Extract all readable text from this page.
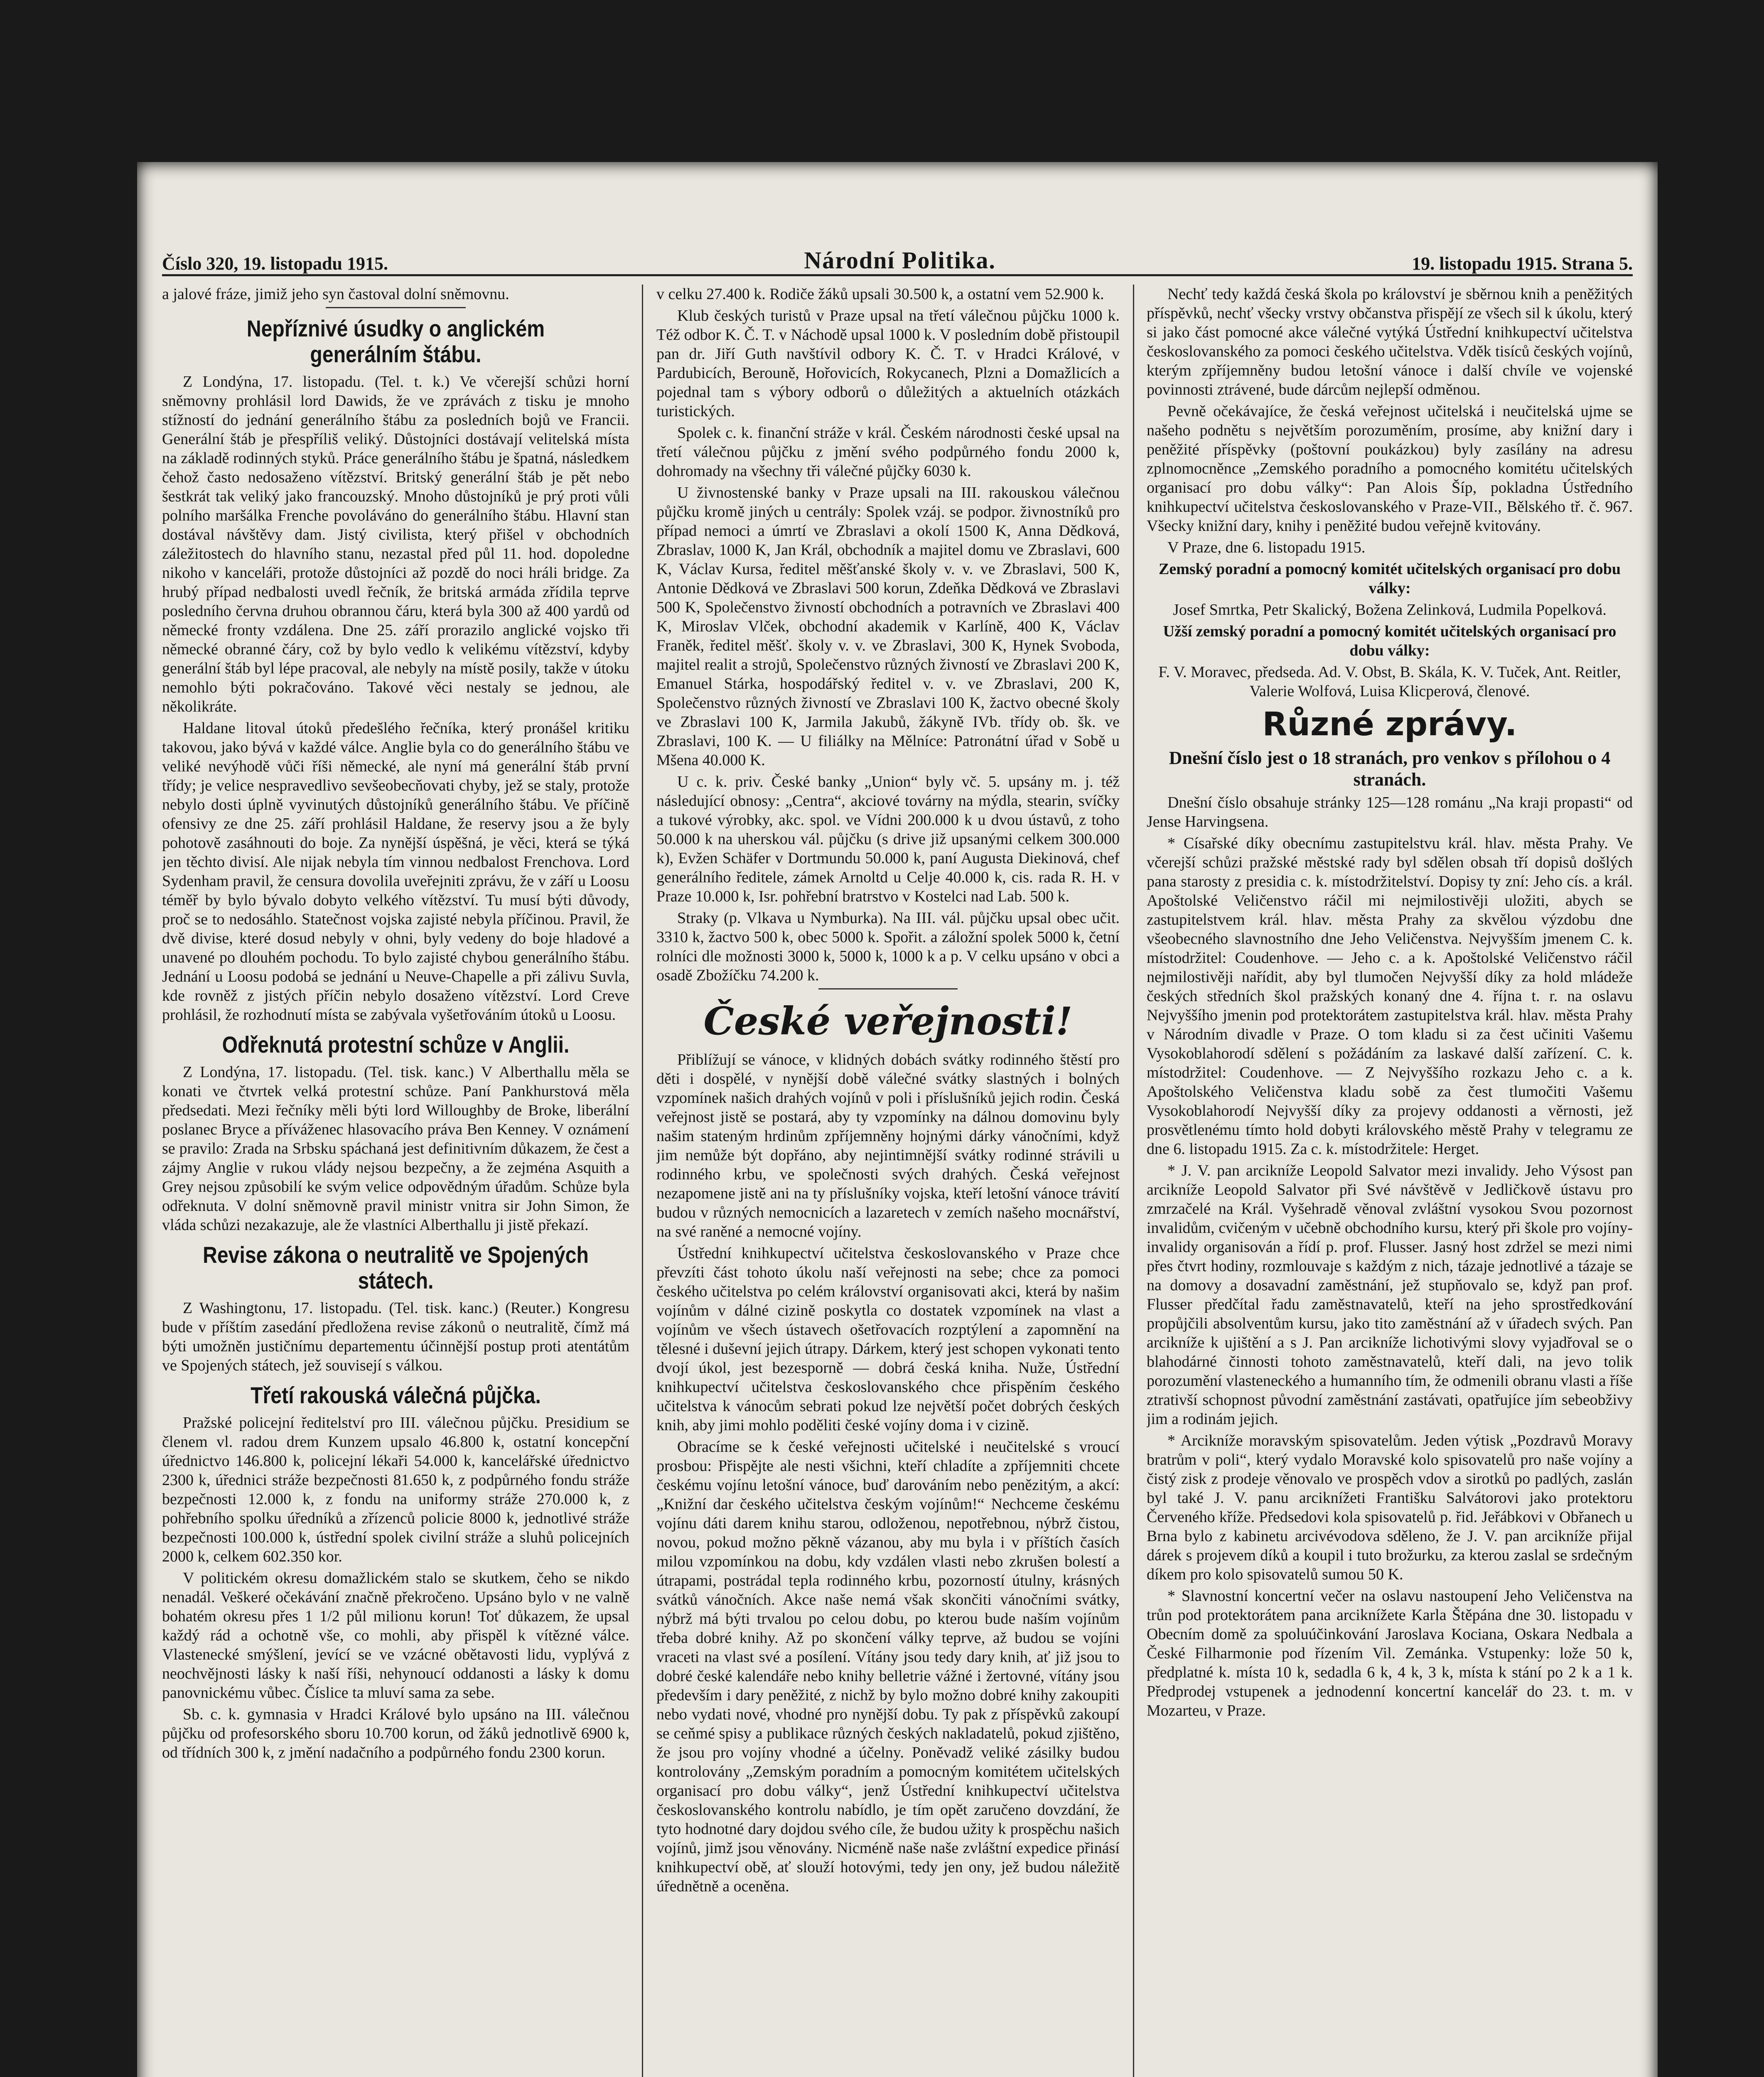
Číslo 320, 19. listopadu 1915.	Národní Politika.	19. listopadu 1915. Strana 5.

a jalové fráze, jimiž jeho syn častoval dolní sněmovnu.

Nepříznivé úsudky o anglickém generálním štábu.

Z Londýna, 17. listopadu. (Tel. t. k.) Ve včerejší schůzi horní sněmovny prohlásil lord Dawids, že ve zprávách z tisku je mnoho stížností do jednání generálního štábu za posledních bojů ve Francii. Generální štáb je přespříliš veliký. Důstojníci dostávají velitelská místa na základě rodinných styků. Práce generálního štábu je špatná, následkem čehož často nedosaženo vítězství. Britský generální štáb je pět nebo šestkrát tak veliký jako francouzský. Mnoho důstojníků je prý proti vůli polního maršálka Frenche povoláváno do generálního štábu. Hlavní stan dostával návštěvy dam. Jistý civilista, který přišel v obchodních záležitostech do hlavního stanu, nezastal před půl 11. hod. dopoledne nikoho v kanceláři, protože důstojníci až pozdě do noci hráli bridge. Za hrubý případ nedbalosti uvedl řečník, že britská armáda zřídila teprve posledního června druhou obrannou čáru, která byla 300 až 400 yardů od německé fronty vzdálena. Dne 25. září prorazilo anglické vojsko tři německé obranné čáry, což by bylo vedlo k velikému vítězství, kdyby generální štáb byl lépe pracoval, ale nebyly na místě posily, takže v útoku nemohlo býti pokračováno. Takové věci nestaly se jednou, ale několikráte.

Haldane litoval útoků předešlého řečníka, který pronášel kritiku takovou, jako bývá v každé válce. Anglie byla co do generálního štábu ve veliké nevýhodě vůči říši německé, ale nyní má generální štáb první třídy; je velice nespravedlivo sevšeobecňovati chyby, jež se staly, protože nebylo dosti úplně vyvinutých důstojníků generálního štábu. Ve příčině ofensivy ze dne 25. září prohlásil Haldane, že reservy jsou a že byly pohotově zasáhnouti do boje. Za nynější úspěšná, je věci, která se týká jen těchto divisí. Ale nijak nebyla tím vinnou nedbalost Frenchova. Lord Sydenham pravil, že censura dovolila uveřejniti zprávu, že v září u Loosu téměř by bylo bývalo dobyto velkého vítězství. Tu musí býti důvody, proč se to nedosáhlo. Statečnost vojska zajisté nebyla příčinou. Pravil, že dvě divise, které dosud nebyly v ohni, byly vedeny do boje hladové a unavené po dlouhém pochodu. To bylo zajisté chybou generálního štábu. Jednání u Loosu podobá se jednání u Neuve-Chapelle a při zálivu Suvla, kde rovněž z jistých příčin nebylo dosaženo vítězství. Lord Creve prohlásil, že rozhodnutí místa se zabývala vyšetřováním útoků u Loosu.

Odřeknutá protestní schůze v Anglii.

Z Londýna, 17. listopadu. (Tel. tisk. kanc.) V Alberthallu měla se konati ve čtvrtek velká protestní schůze. Paní Pankhurstová měla předsedati. Mezi řečníky měli býti lord Willoughby de Broke, liberální poslanec Bryce a příváženec hlasovacího práva Ben Kenney. V oznámení se pravilo: Zrada na Srbsku spáchaná jest definitivním důkazem, že čest a zájmy Anglie v rukou vlády nejsou bezpečny, a že zejména Asquith a Grey nejsou způsobilí ke svým velice odpovědným úřadům. Schůze byla odřeknuta. V dolní sněmovně pravil ministr vnitra sir John Simon, že vláda schůzi nezakazuje, ale že vlastníci Alberthallu ji jistě překazí.

Revise zákona o neutralitě ve Spojených státech.

Z Washingtonu, 17. listopadu. (Tel. tisk. kanc.) (Reuter.) Kongresu bude v příštím zasedání předložena revise zákonů o neutralitě, čímž má býti umožněn justičnímu departementu účinnější postup proti atentátům ve Spojených státech, jež souvisejí s válkou.

Třetí rakouská válečná půjčka.

Pražské policejní ředitelství pro III. válečnou půjčku. Presidium se členem vl. radou drem Kunzem upsalo 46.800 k, ostatní koncepční úřednictvo 146.800 k, policejní lékaři 54.000 k, kancelářské úřednictvo 2300 k, úřednici stráže bezpečnosti 81.650 k, z podpůrného fondu stráže bezpečnosti 12.000 k, z fondu na uniformy stráže 270.000 k, z pohřebního spolku úředníků a zřízenců policie 8000 k, jednotlivé stráže bezpečnosti 100.000 k, ústřední spolek civilní stráže a sluhů policejních 2000 k, celkem 602.350 kor.

V politickém okresu domažlickém stalo se skutkem, čeho se nikdo nenadál. Veškeré očekávání značně překročeno. Upsáno bylo v ne valně bohatém okresu přes 1 1/2 půl milionu korun! Toť důkazem, že upsal každý rád a ochotně vše, co mohli, aby přispěl k vítězné válce. Vlastenecké smýšlení, jevící se ve vzácné obětavosti lidu, vyplývá z neochvějnosti lásky k naší říši, nehynoucí oddanosti a lásky k domu panovnickému vůbec. Číslice ta mluví sama za sebe.

Sb. c. k. gymnasia v Hradci Králové bylo upsáno na III. válečnou půjčku od profesorského sboru 10.700 korun, od žáků jednotlivě 6900 k, od třídních 300 k, z jmění nadačního a podpůrného fondu 2300 korun.

v celku 27.400 k. Rodiče žáků upsali 30.500 k, a ostatní vem 52.900 k.

Klub českých turistů v Praze upsal na třetí válečnou půjčku 1000 k. Též odbor K. Č. T. v Náchodě upsal 1000 k. V posledním době přistoupil pan dr. Jiří Guth navštívil odbory K. Č. T. v Hradci Králové, v Pardubicích, Berouně, Hořovicích, Rokycanech, Plzni a Domažlicích a pojednal tam s výbory odborů o důležitých a aktuelních otázkách turistických.

Spolek c. k. finanční stráže v král. Českém národnosti české upsal na třetí válečnou půjčku z jmění svého podpůrného fondu 2000 k, dohromady na všechny tři válečné půjčky 6030 k.

U živnostenské banky v Praze upsali na III. rakouskou válečnou půjčku kromě jiných u centrály: Spolek vzáj. se podpor. živnostníků pro případ nemoci a úmrtí ve Zbraslavi a okolí 1500 K, Anna Dědková, Zbraslav, 1000 K, Jan Král, obchodník a majitel domu ve Zbraslavi, 600 K, Václav Kursa, ředitel měšťanské školy v. v. ve Zbraslavi, 500 K, Antonie Dědková ve Zbraslavi 500 korun, Zdeňka Dědková ve Zbraslavi 500 K, Společenstvo živností obchodních a potravních ve Zbraslavi 400 K, Miroslav Vlček, obchodní akademik v Karlíně, 400 K, Václav Franěk, ředitel měšť. školy v. v. ve Zbraslavi, 300 K, Hynek Svoboda, majitel realit a strojů, Společenstvo různých živností ve Zbraslavi 200 K, Emanuel Stárka, hospodářský ředitel v. v. ve Zbraslavi, 200 K, Společenstvo různých živností ve Zbraslavi 100 K, žactvo obecné školy ve Zbraslavi 100 K, Jarmila Jakubů, žákyně IVb. třídy ob. šk. ve Zbraslavi, 100 K. — U filiálky na Mělníce: Patronátní úřad v Sobě u Mšena 40.000 K.

U c. k. priv. České banky „Union“ byly vč. 5. upsány m. j. též následující obnosy: „Centra“, akciové továrny na mýdla, stearin, svíčky a tukové výrobky, akc. spol. ve Vídni 200.000 k u dvou ústavů, z toho 50.000 k na uherskou vál. půjčku (s drive již upsanými celkem 300.000 k), Evžen Schäfer v Dortmundu 50.000 k, paní Augusta Diekinová, chef generálního ředitele, zámek Arnoltd u Celje 40.000 k, cis. rada R. H. v Praze 10.000 k, Isr. pohřební bratrstvo v Kostelci nad Lab. 500 k.

Straky (p. Vlkava u Nymburka). Na III. vál. půjčku upsal obec učit. 3310 k, žactvo 500 k, obec 5000 k. Spořit. a záložní spolek 5000 k, četní rolníci dle možnosti 3000 k, 5000 k, 1000 k a p. V celku upsáno v obci a osadě Zbožíčku 74.200 k.

České veřejnosti!

Přiblížují se vánoce, v klidných dobách svátky rodinného štěstí pro děti i dospělé, v nynější době válečné svátky slastných i bolných vzpomínek našich drahých vojínů v poli i příslušníků jejich rodin. Česká veřejnost jistě se postará, aby ty vzpomínky na dálnou domovinu byly našim stateným hrdinům zpříjemněny hojnými dárky vánočními, když jim nemůže být dopřáno, aby nejintimnější svátky rodinné strávili u rodinného krbu, ve společnosti svých drahých. Česká veřejnost nezapomene jistě ani na ty příslušníky vojska, kteří letošní vánoce trávití budou v různých nemocnicích a lazaretech v zemích našeho mocnářství, na své raněné a nemocné vojíny.

Ústřední knihkupectví učitelstva českoslovanského v Praze chce převzíti část tohoto úkolu naší veřejnosti na sebe; chce za pomoci českého učitelstva po celém království organisovati akci, která by našim vojínům v dálné cizině poskytla co dostatek vzpomínek na vlast a vojínům ve všech ústavech ošetřovacích rozptýlení a zapomnění na tělesné i duševní jejich útrapy. Dárkem, který jest schopen vykonati tento dvojí úkol, jest bezesporně — dobrá česká kniha. Nuže, Ústřední knihkupectví učitelstva českoslovanského chce přispěním českého učitelstva k vánocům sebrati pokud lze největší počet dobrých českých knih, aby jimi mohlo poděliti české vojíny doma i v cizině.

Obracíme se k české veřejnosti učitelské i neučitelské s vroucí prosbou: Přispějte ale nesti všichni, kteří chladíte a zpříjemniti chcete českému vojínu letošní vánoce, buď darováním nebo penězitým, a akcí: „Knižní dar českého učitelstva českým vojínům!“ Nechceme českému vojínu dáti darem knihu starou, odloženou, nepotřebnou, nýbrž čistou, novou, pokud možno pěkně vázanou, aby mu byla i v příštích časích milou vzpomínkou na dobu, kdy vzdálen vlasti nebo zkrušen bolestí a útrapami, postrádal tepla rodinného krbu, pozorností útulny, krásných svátků vánočních. Akce naše nemá však skončiti vánočními svátky, nýbrž má býti trvalou po celou dobu, po kterou bude naším vojínům třeba dobré knihy. Až po skončení války teprve, až budou se vojíni vraceti na vlast své a posílení. Vítány jsou tedy dary knih, ať již jsou to dobré české kalendáře nebo knihy belletrie vážné i žertovné, vítány jsou především i dary peněžité, z nichž by bylo možno dobré knihy zakoupiti nebo vydati nové, vhodné pro nynější dobu. Ty pak z příspěvků zakoupí se ceňmé spisy a publikace různých českých nakladatelů, pokud zjištěno, že jsou pro vojíny vhodné a účelny. Poněvadž veliké zásilky budou kontrolovány „Zemským poradním a pomocným komitétem učitelských organisací pro dobu války“, jenž Ústřední knihkupectví učitelstva českoslovanského kontrolu nabídlo, je tím opět zaručeno dovzdání, že tyto hodnotné dary dojdou svého cíle, že budou užity k prospěchu našich vojínů, jimž jsou věnovány. Nicméně naše naše zvláštní expedice přinásí knihkupectví obě, ať slouží hotovými, tedy jen ony, jež budou náležitě úřednětně a oceněna.

Nechť tedy každá česká škola po království je sběrnou knih a peněžitých příspěvků, nechť všecky vrstvy občanstva přispějí ze všech sil k úkolu, který si jako část pomocné akce válečné vytýká Ústřední knihkupectví učitelstva českoslovanského za pomoci českého učitelstva. Vděk tisíců českých vojínů, kterým zpříjemněny budou letošní vánoce i další chvíle ve vojenské povinnosti ztrávené, bude dárcům nejlepší odměnou.

Pevně očekávajíce, že česká veřejnost učitelská i neučitelská ujme se našeho podnětu s největším porozuměním, prosíme, aby knižní dary i peněžité příspěvky (poštovní poukázkou) byly zasílány na adresu zplnomocněnce „Zemského poradního a pomocného komitétu učitelských organisací pro dobu války“: Pan Alois Šíp, pokladna Ústředního knihkupectví učitelstva českoslovanského v Praze-VII., Bělského tř. č. 967. Všecky knižní dary, knihy i peněžité budou veřejně kvitovány.

V Praze, dne 6. listopadu 1915.

Zemský poradní a pomocný komitét učitelských organisací pro dobu války:

Josef Smrtka, Petr Skalický, Božena Zelinková, Ludmila Popelková.

Užší zemský poradní a pomocný komitét učitelských organisací pro dobu války:

F. V. Moravec, předseda. Ad. V. Obst, B. Skála, K. V. Tuček, Ant. Reitler, Valerie Wolfová, Luisa Klicperová, členové.

Různé zprávy.

Dnešní číslo jest o 18 stranách, pro venkov s přílohou o 4 stranách.

Dnešní číslo obsahuje stránky 125—128 románu „Na kraji propasti“ od Jense Harvingsena.

* Císařské díky obecnímu zastupitelstvu král. hlav. města Prahy. Ve včerejší schůzi pražské městské rady byl sdělen obsah tří dopisů došlých pana starosty z presidia c. k. místodržitelství. Dopisy ty zní: Jeho cís. a král. Apoštolské Veličenstvo ráčil mi nejmilostivěji uložiti, abych se zastupitelstvem král. hlav. města Prahy za skvělou výzdobu dne všeobecného slavnostního dne Jeho Veličenstva. Nejvyšším jmenem C. k. místodržitel: Coudenhove. — Jeho c. a k. Apoštolské Veličenstvo ráčil nejmilostivěji nařídit, aby byl tlumočen Nejvyšší díky za hold mládeže českých středních škol pražských konaný dne 4. října t. r. na oslavu Nejvyššího jmenin pod protektorátem zastupitelstva král. hlav. města Prahy v Národním divadle v Praze. O tom kladu si za čest učiniti Vašemu Vysokoblahorodí sdělení s požádáním za laskavé další zařízení. C. k. místodržitel: Coudenhove. — Z Nejvyššího rozkazu Jeho c. a k. Apoštolského Veličenstva kladu sobě za čest tlumočiti Vašemu Vysokoblahorodí Nejvyšší díky za projevy oddanosti a věrnosti, jež prosvětlenému tímto hold dobyti královského městě Prahy v telegramu ze dne 6. listopadu 1915. Za c. k. místodržitele: Herget.

* J. V. pan arcikníže Leopold Salvator mezi invalidy. Jeho Výsost pan arcikníže Leopold Salvator při Své návštěvě v Jedličkově ústavu pro zmrzačelé na Král. Vyšehradě věnoval zvláštní vysokou Svou pozornost invalidům, cvičeným v učebně obchodního kursu, který při škole pro vojíny-invalidy organisován a řídí p. prof. Flusser. Jasný host zdržel se mezi nimi přes čtvrt hodiny, rozmlouvaje s každým z nich, tázaje jednotlivé a tázaje se na domovy a dosavadní zaměstnání, jež stupňovalo se, když pan prof. Flusser předčítal řadu zaměstnavatelů, kteří na jeho sprostředkování propůjčili absolventům kursu, jako tito zaměstnání až v úřadech svých. Pan arcikníže k ujištění a s J. Pan arcikníže lichotivými slovy vyjadřoval se o blahodárné činnosti tohoto zaměstnavatelů, kteří dali, na jevo tolik porozumění vlasteneckého a humanního tím, že odmenili obranu vlasti a říše ztrativší schopnost původní zaměstnání zastávati, opatřujíce jím sebeobživy jim a rodinám jejich.

* Arcikníže moravským spisovatelům. Jeden výtisk „Pozdravů Moravy bratrům v poli“, který vydalo Moravské kolo spisovatelů pro naše vojíny a čistý zisk z prodeje věnovalo ve prospěch vdov a sirotků po padlých, zaslán byl také J. V. panu arciknížeti Františku Salvátorovi jako protektoru Červeného kříže. Předsedovi kola spisovatelů p. řid. Jeřábkovi v Obřanech u Brna bylo z kabinetu arcivévodova sděleno, že J. V. pan arcikníže přijal dárek s projevem díků a koupil i tuto brožurku, za kterou zaslal se srdečným díkem pro kolo spisovatelů sumou 50 K.

* Slavnostní koncertní večer na oslavu nastoupení Jeho Veličenstva na trůn pod protektorátem pana arciknížete Karla Štěpána dne 30. listopadu v Obecním domě za spoluúčinkování Jaroslava Kociana, Oskara Nedbala a České Filharmonie pod řízením Vil. Zemánka. Vstupenky: lože 50 k, předplatné k. místa 10 k, sedadla 6 k, 4 k, 3 k, místa k stání po 2 k a 1 k. Předprodej vstupenek a jednodenní koncertní kancelář do 23. t. m. v Mozarteu, v Praze.
